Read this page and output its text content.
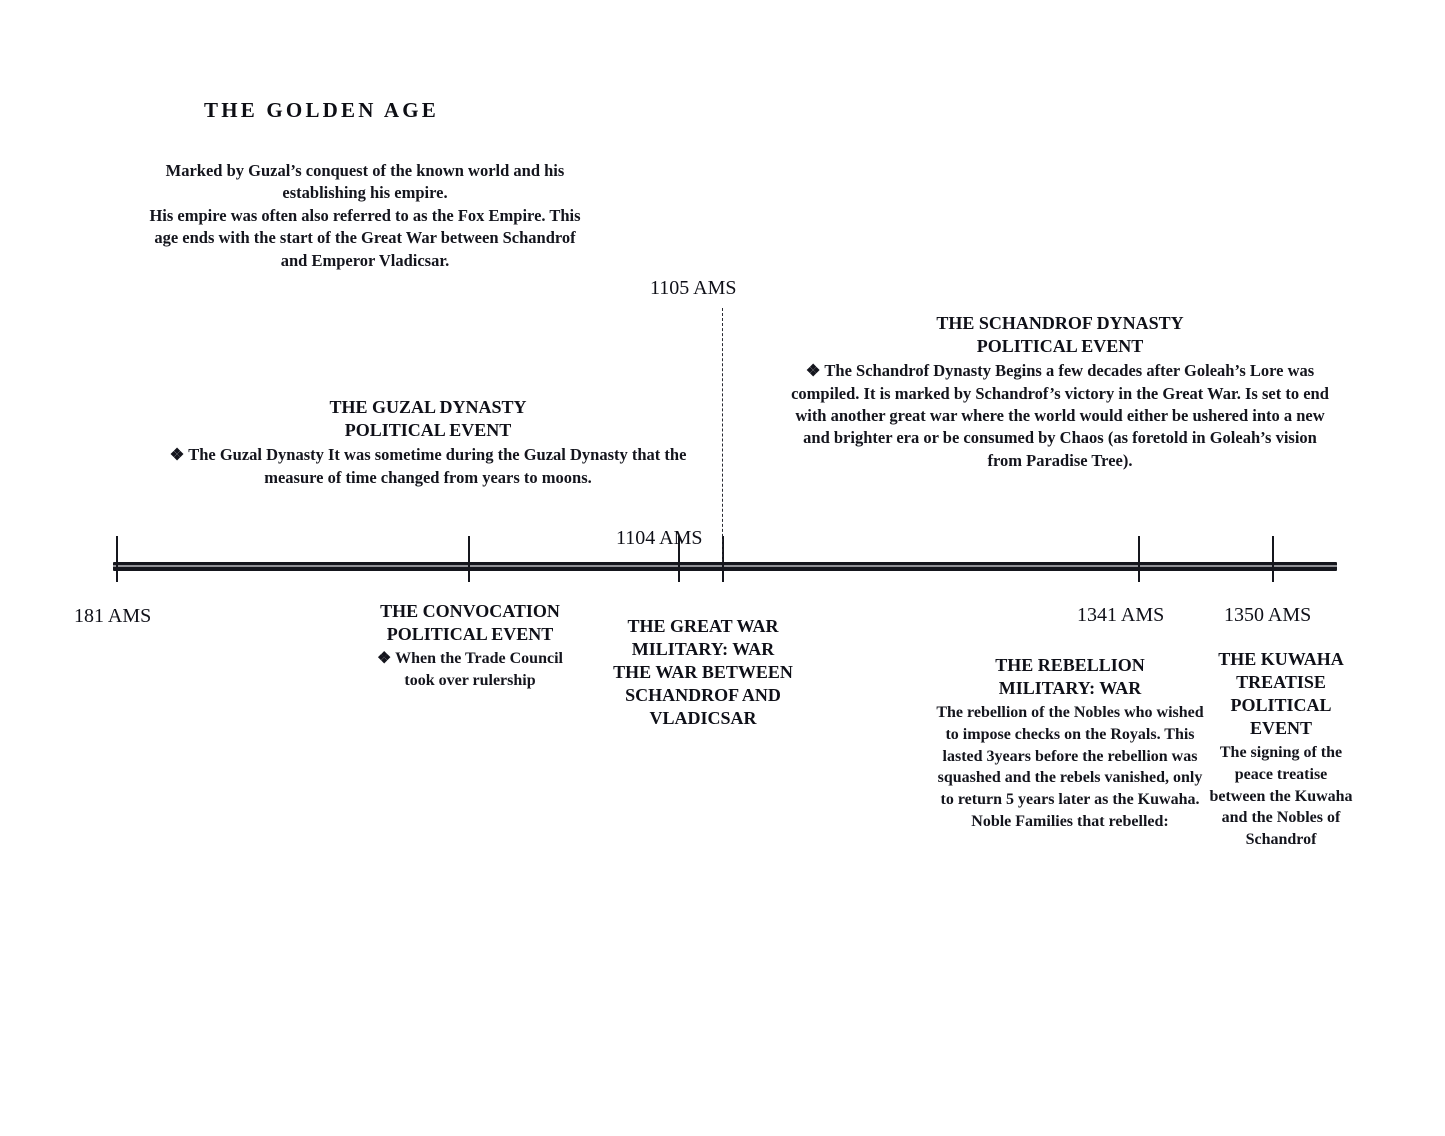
THE GOLDEN AGE
Marked by Guzal’s conquest of the known world and his
establishing his empire.
His empire was often also referred to as the Fox Empire. This
age ends with the start of the Great War between Schandrof
and Emperor Vladicsar.
181 AMS
1104 AMS
1105 AMS
1341 AMS	1350 AMS
THE GUZAL DYNASTY
POLITICAL EVENT
❖ The Guzal Dynasty It was sometime during the Guzal Dynasty that the measure of time changed from years to moons.
THE SCHANDROF DYNASTY
POLITICAL EVENT
❖ The Schandrof Dynasty Begins a few decades after Goleah’s Lore was compiled. It is marked by Schandrof’s victory in the Great War. Is set to end with another great war where the world would either be ushered into a new and brighter era or be consumed by Chaos (as foretold in Goleah’s vision from Paradise Tree).
THE CONVOCATION
POLITICAL EVENT
❖ When the Trade Council took over rulership
THE GREAT WAR
MILITARY: WAR
THE WAR BETWEEN SCHANDROF AND VLADICSAR
THE REBELLION
MILITARY: WAR
The rebellion of the Nobles who wished to impose checks on the Royals. This lasted 3years before the rebellion was squashed and the rebels vanished, only to return 5 years later as the Kuwaha. Noble Families that rebelled:
THE KUWAHA TREATISE
POLITICAL EVENT
The signing of the peace treatise between the Kuwaha and the Nobles of Schandrof
